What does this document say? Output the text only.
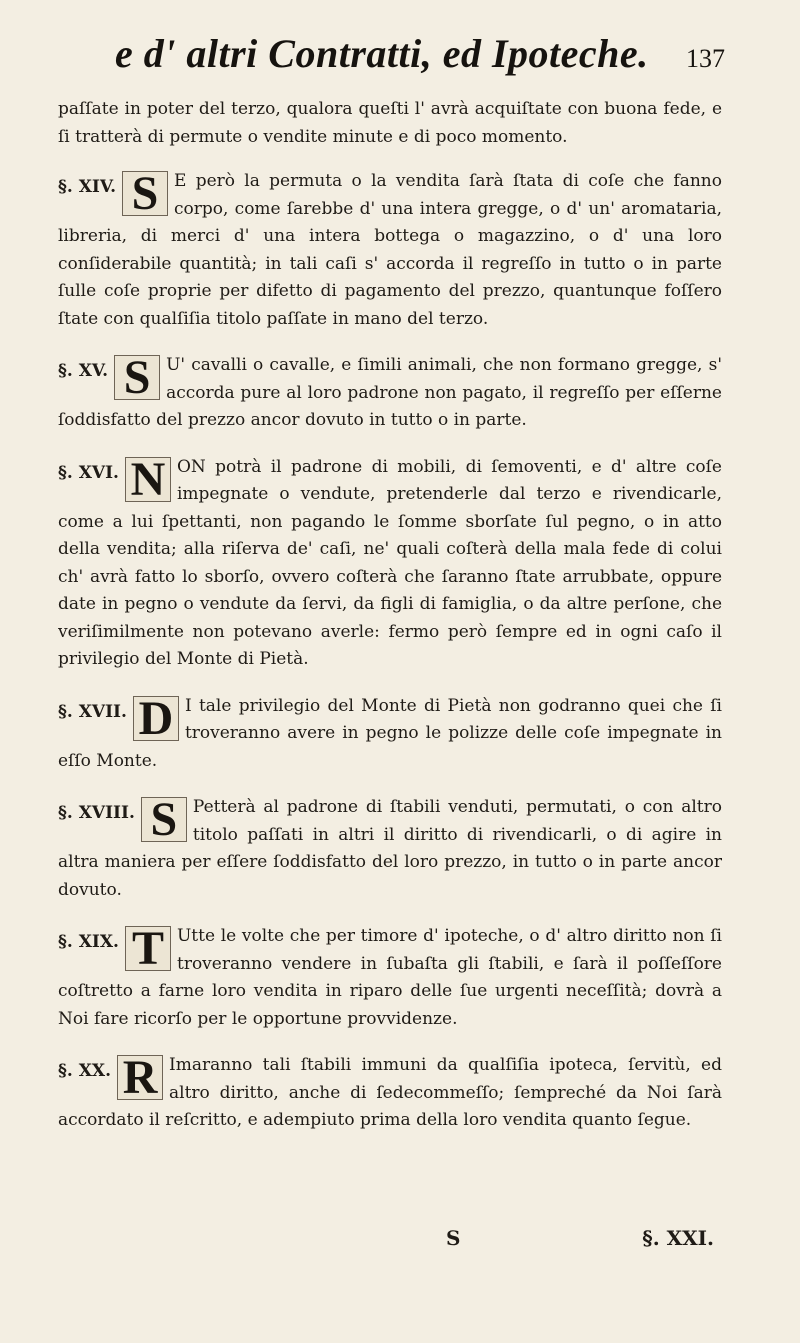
e d' altri Contratti, ed Ipoteche. 137

paſſate in poter del terzo, qualora queſti l' avrà acquiſtate con buona fede, e ſi tratterà di permute o vendite minute e di poco momento.

§. XIV. S E però la permuta o la vendita ſarà ſtata di coſe che fanno corpo, come ſarebbe d' una intera gregge, o d' un' aromataria, libreria, di merci d' una intera bottega o magazzino, o d' una loro conſiderabile quantità; in tali caſi s' accorda il regreſſo in tutto o in parte ſulle coſe proprie per difetto di pagamento del prezzo, quantunque foſſero ſtate con qualſiſia titolo paſſate in mano del terzo.

§. XV. S U' cavalli o cavalle, e ſimili animali, che non formano gregge, s' accorda pure al loro padrone non pagato, il regreſſo per eſſerne ſoddisfatto del prezzo ancor dovuto in tutto o in parte.

§. XVI. N ON potrà il padrone di mobili, di ſemoventi, e d' altre coſe impegnate o vendute, pretenderle dal terzo e rivendicarle, come a lui ſpettanti, non pagando le ſomme sborſate ſul pegno, o in atto della vendita; alla riſerva de' caſi, ne' quali coſterà della mala fede di colui ch' avrà fatto lo sborſo, ovvero coſterà che ſaranno ſtate arrubbate, oppure date in pegno o vendute da ſervi, da figli di famiglia, o da altre perſone, che veriſimilmente non potevano averle: fermo però ſempre ed in ogni caſo il privilegio del Monte di Pietà.

§. XVII. D I tale privilegio del Monte di Pietà non godranno quei che ſi troveranno avere in pegno le polizze delle coſe impegnate in eſſo Monte.

§. XVIII. S Petterà al padrone di ſtabili venduti, permutati, o con altro titolo paſſati in altri il diritto di rivendicarli, o di agire in altra maniera per eſſere ſoddisfatto del loro prezzo, in tutto o in parte ancor dovuto.

§. XIX. T Utte le volte che per timore d' ipoteche, o d' altro diritto non ſi troveranno vendere in ſubaſta gli ſtabili, e ſarà il poſſeſſore coſtretto a farne loro vendita in riparo delle ſue urgenti neceſſità; dovrà a Noi fare ricorſo per le opportune provvidenze.

§. XX. R Imaranno tali ſtabili immuni da qualſiſia ipoteca, ſervitù, ed altro diritto, anche di ſedecommeſſo; ſempreché da Noi ſarà accordato il reſcritto, e adempiuto prima della loro vendita quanto ſegue.

S	§. XXI.
